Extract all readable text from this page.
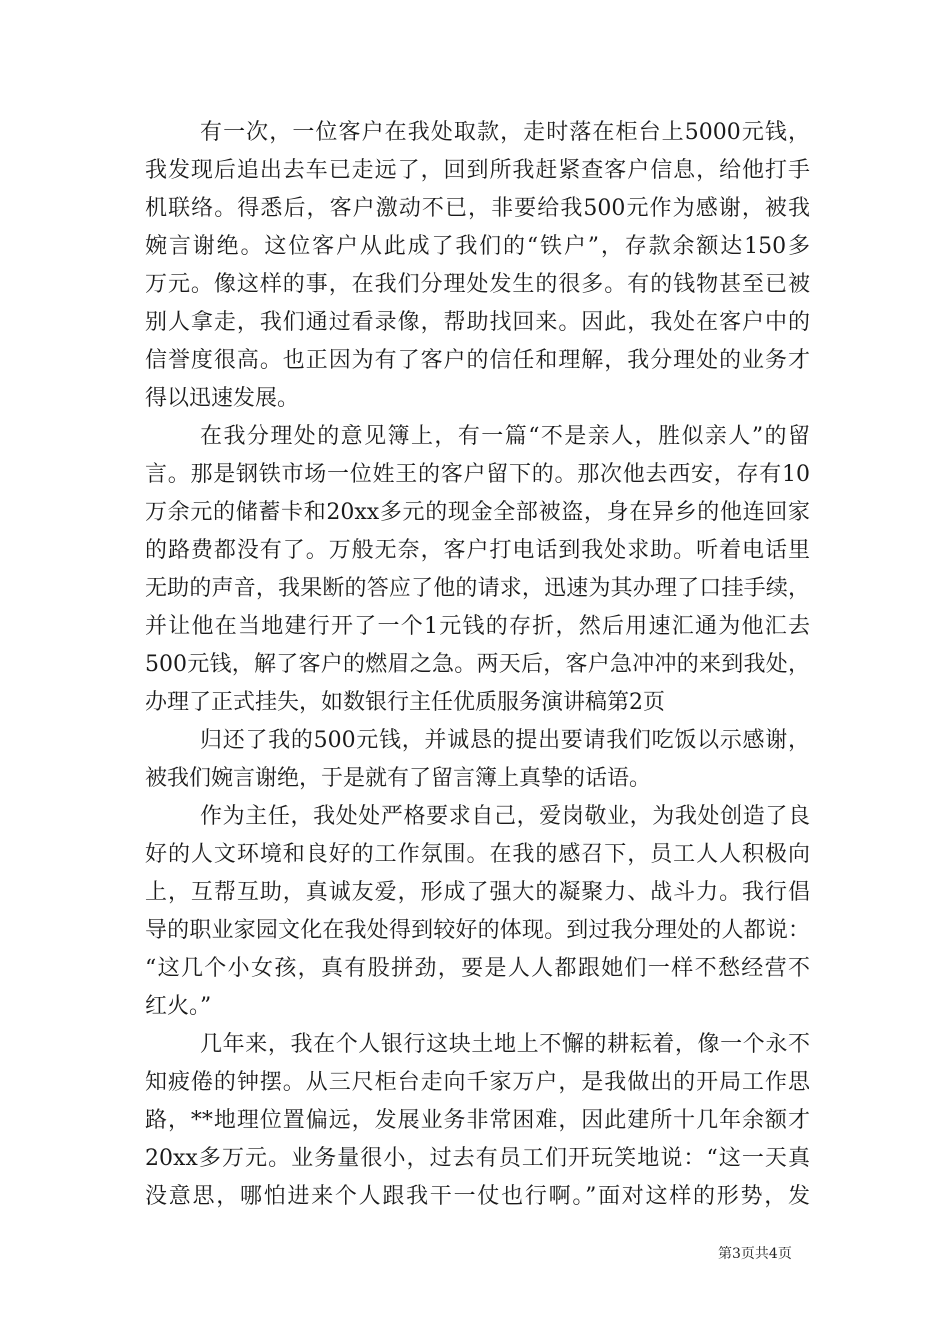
有一次，一位客户在我处取款，走时落在柜台上5000元钱，
我发现后追出去车已走远了，回到所我赶紧查客户信息，给他打手
机联络。得悉后，客户激动不已，非要给我500元作为感谢，被我
婉言谢绝。这位客户从此成了我们的“铁户”，存款余额达150多
万元。像这样的事，在我们分理处发生的很多。有的钱物甚至已被
别人拿走，我们通过看录像，帮助找回来。因此，我处在客户中的
信誉度很高。也正因为有了客户的信任和理解，我分理处的业务才
得以迅速发展。
在我分理处的意见簿上，有一篇“不是亲人，胜似亲人”的留
言。那是钢铁市场一位姓王的客户留下的。那次他去西安，存有10
万余元的储蓄卡和20xx多元的现金全部被盗，身在异乡的他连回家
的路费都没有了。万般无奈，客户打电话到我处求助。听着电话里
无助的声音，我果断的答应了他的请求，迅速为其办理了口挂手续，
并让他在当地建行开了一个1元钱的存折，然后用速汇通为他汇去
500元钱，解了客户的燃眉之急。两天后，客户急冲冲的来到我处，
办理了正式挂失，如数银行主任优质服务演讲稿第2页
归还了我的500元钱，并诚恳的提出要请我们吃饭以示感谢，
被我们婉言谢绝，于是就有了留言簿上真挚的话语。
作为主任，我处处严格要求自己，爱岗敬业，为我处创造了良
好的人文环境和良好的工作氛围。在我的感召下，员工人人积极向
上，互帮互助，真诚友爱，形成了强大的凝聚力、战斗力。我行倡
导的职业家园文化在我处得到较好的体现。到过我分理处的人都说：
“这几个小女孩，真有股拼劲，要是人人都跟她们一样不愁经营不
红火。”
几年来，我在个人银行这块土地上不懈的耕耘着，像一个永不
知疲倦的钟摆。从三尺柜台走向千家万户，是我做出的开局工作思
路，**地理位置偏远，发展业务非常困难，因此建所十几年余额才
20xx多万元。业务量很小，过去有员工们开玩笑地说：“这一天真
没意思，哪怕进来个人跟我干一仗也行啊。”面对这样的形势，发
第3页共4页
